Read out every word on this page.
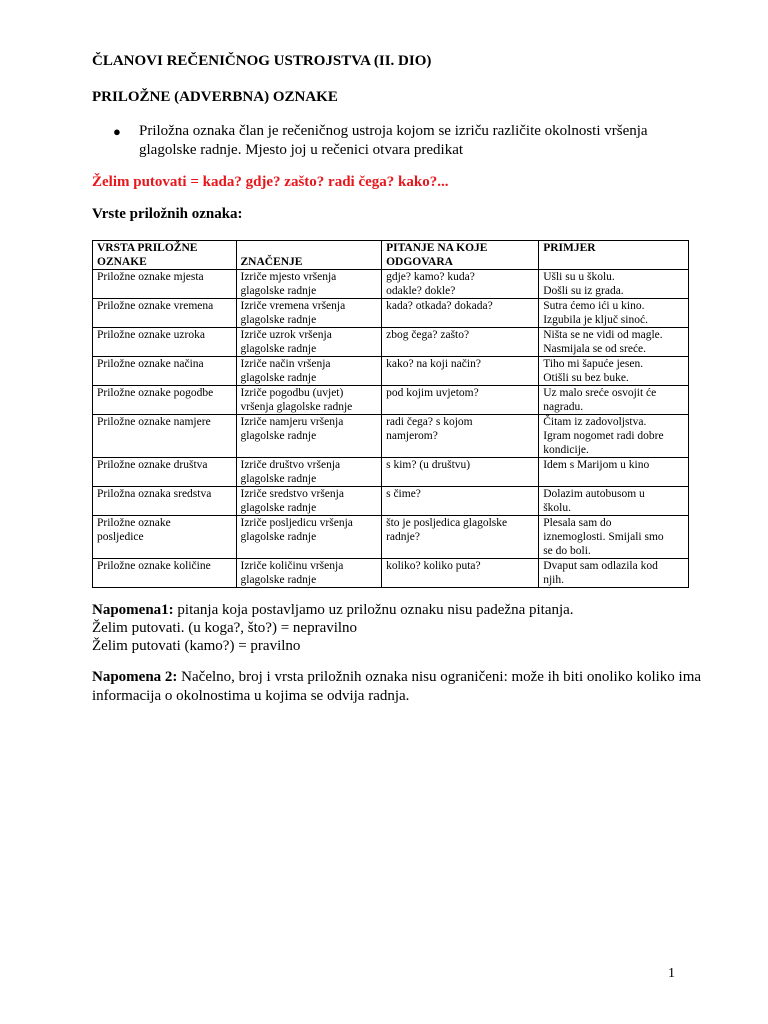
ČLANOVI REČENIČNOG USTROJSTVA (II. DIO)

PRILOŽNE (ADVERBNA) OZNAKE

● Priložna oznaka član je rečeničnog ustroja kojom se izriču različite okolnosti vršenja glagolske radnje. Mjesto joj u rečenici otvara predikat

Želim putovati = kada? gdje? zašto? radi čega? kako?...

Vrste priložnih oznaka:

VRSTA PRILOŽNE
OZNAKE	ZNAČENJE	PITANJE NA KOJE
ODGOVARA	PRIMJER

Priložne oznake mjesta	Izriče mjesto vršenja
glagolske radnje	gdje? kamo? kuda?
odakle? dokle?	Ušli su u školu.
Došli su iz grada.

Priložne oznake vremena	Izriče vremena vršenja
glagolske radnje	kada? otkada? dokada?	Sutra ćemo ići u kino.
Izgubila je ključ sinoć.

Priložne oznake uzroka	Izriče uzrok vršenja
glagolske radnje	zbog čega? zašto?	Ništa se ne vidi od magle.
Nasmijala se od sreće.

Priložne oznake načina	Izriče način vršenja
glagolske radnje	kako? na koji način?	Tiho mi šapuće jesen.
Otišli su bez buke.

Priložne oznake pogodbe	Izriče pogodbu (uvjet)
vršenja glagolske radnje	pod kojim uvjetom?	Uz malo sreće osvojit će
nagradu.

Priložne oznake namjere	Izriče namjeru vršenja
glagolske radnje	radi čega? s kojom
namjerom?	Čitam iz zadovoljstva.
Igram nogomet radi dobre
kondicije.

Priložne oznake društva	Izriče društvo vršenja
glagolske radnje	s kim? (u društvu)	Idem s Marijom u kino

Priložna oznaka sredstva	Izriče sredstvo vršenja
glagolske radnje	s čime?	Dolazim autobusom u
školu.

Priložne oznake
posljedice	Izriče posljedicu vršenja
glagolske radnje	što je posljedica glagolske
radnje?	Plesala sam do
iznemoglosti. Smijali smo
se do boli.

Priložne oznake količine	Izriče količinu vršenja
glagolske radnje	koliko? koliko puta?	Dvaput sam odlazila kod
njih.
Napomena1: pitanja koja postavljamo uz priložnu oznaku nisu padežna pitanja.
Želim putovati. (u koga?, što?) = nepravilno
Želim putovati (kamo?) = pravilno
Napomena 2: Načelno, broj i vrsta priložnih oznaka nisu ograničeni: može ih biti onoliko koliko ima informacija o okolnostima u kojima se odvija radnja.

1
